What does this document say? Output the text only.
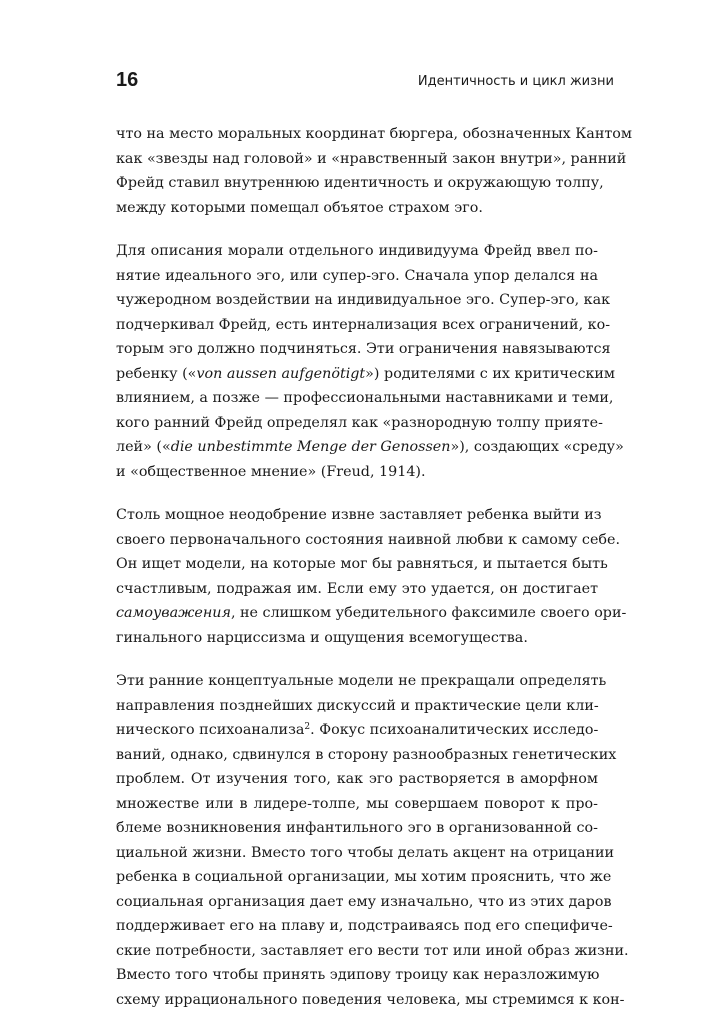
16	Идентичность и цикл жизни
что на место моральных координат бюргера, обозначенных Кантом
как «звезды над головой» и «нравственный закон внутри», ранний
Фрейд ставил внутреннюю идентичность и окружающую толпу,
между которыми помещал объятое страхом эго.
Для описания морали отдельного индивидуума Фрейд ввел по-
нятие идеального эго, или супер-эго. Сначала упор делался на
чужеродном воздействии на индивидуальное эго. Супер-эго, как
подчеркивал Фрейд, есть интернализация всех ограничений, ко-
торым эго должно подчиняться. Эти ограничения навязываются
ребенку («von aussen aufgenötigt») родителями с их критическим
влиянием, а позже — профессиональными наставниками и теми,
кого ранний Фрейд определял как «разнородную толпу прияте-
лей» («die unbestimmte Menge der Genossen»), создающих «среду»
и «общественное мнение» (Freud, 1914).
Столь мощное неодобрение извне заставляет ребенка выйти из
своего первоначального состояния наивной любви к самому себе.
Он ищет модели, на которые мог бы равняться, и пытается быть
счастливым, подражая им. Если ему это удается, он достигает
самоуважения, не слишком убедительного факсимиле своего ори-
гинального нарциссизма и ощущения всемогущества.
Эти ранние концептуальные модели не прекращали определять
направления позднейших дискуссий и практические цели кли-
нического психоанализа$^2$. Фокус психоаналитических исследо-
ваний, однако, сдвинулся в сторону разнообразных генетических
проблем. От изучения того, как эго растворяется в аморфном
множестве или в лидере-толпе, мы совершаем поворот к про-
блеме возникновения инфантильного эго в организованной со-
циальной жизни. Вместо того чтобы делать акцент на отрицании
ребенка в социальной организации, мы хотим прояснить, что же
социальная организация дает ему изначально, что из этих даров
поддерживает его на плаву и, подстраиваясь под его специфиче-
ские потребности, заставляет его вести тот или иной образ жизни.
Вместо того чтобы принять эдипову троицу как неразложимую
схему иррационального поведения человека, мы стремимся к кон-
